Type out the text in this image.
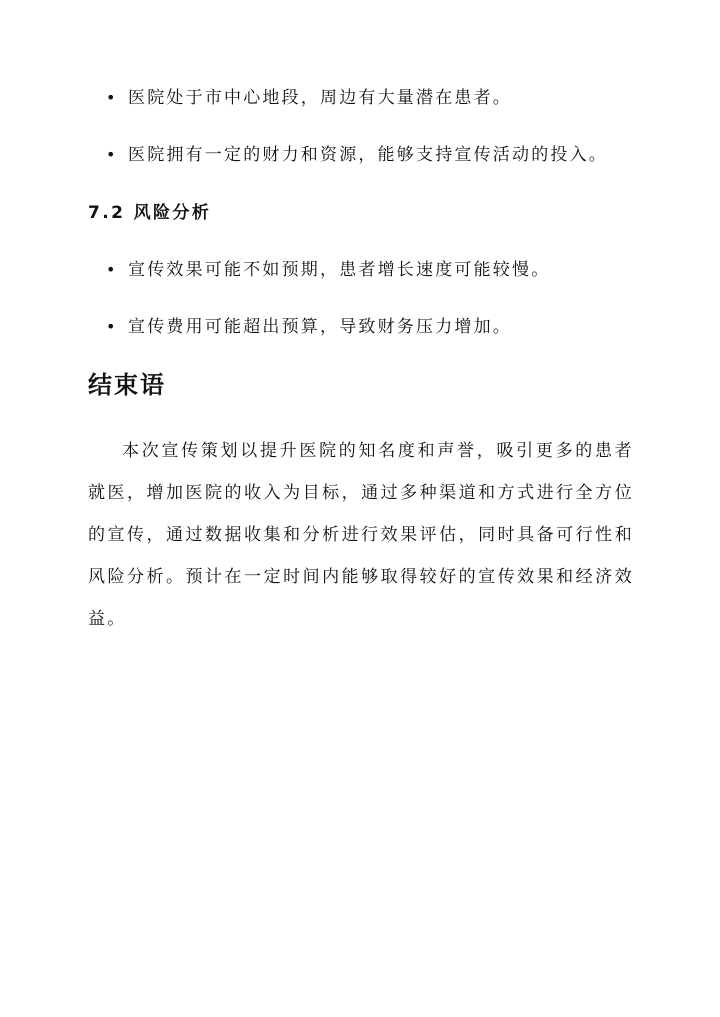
• 医院处于市中心地段，周边有大量潜在患者。
• 医院拥有一定的财力和资源，能够支持宣传活动的投入。
7.2 风险分析
• 宣传效果可能不如预期，患者增长速度可能较慢。
• 宣传费用可能超出预算，导致财务压力增加。
结束语
本次宣传策划以提升医院的知名度和声誉，吸引更多的患者就医，增加医院的收入为目标，通过多种渠道和方式进行全方位的宣传，通过数据收集和分析进行效果评估，同时具备可行性和风险分析。预计在一定时间内能够取得较好的宣传效果和经济效益。
